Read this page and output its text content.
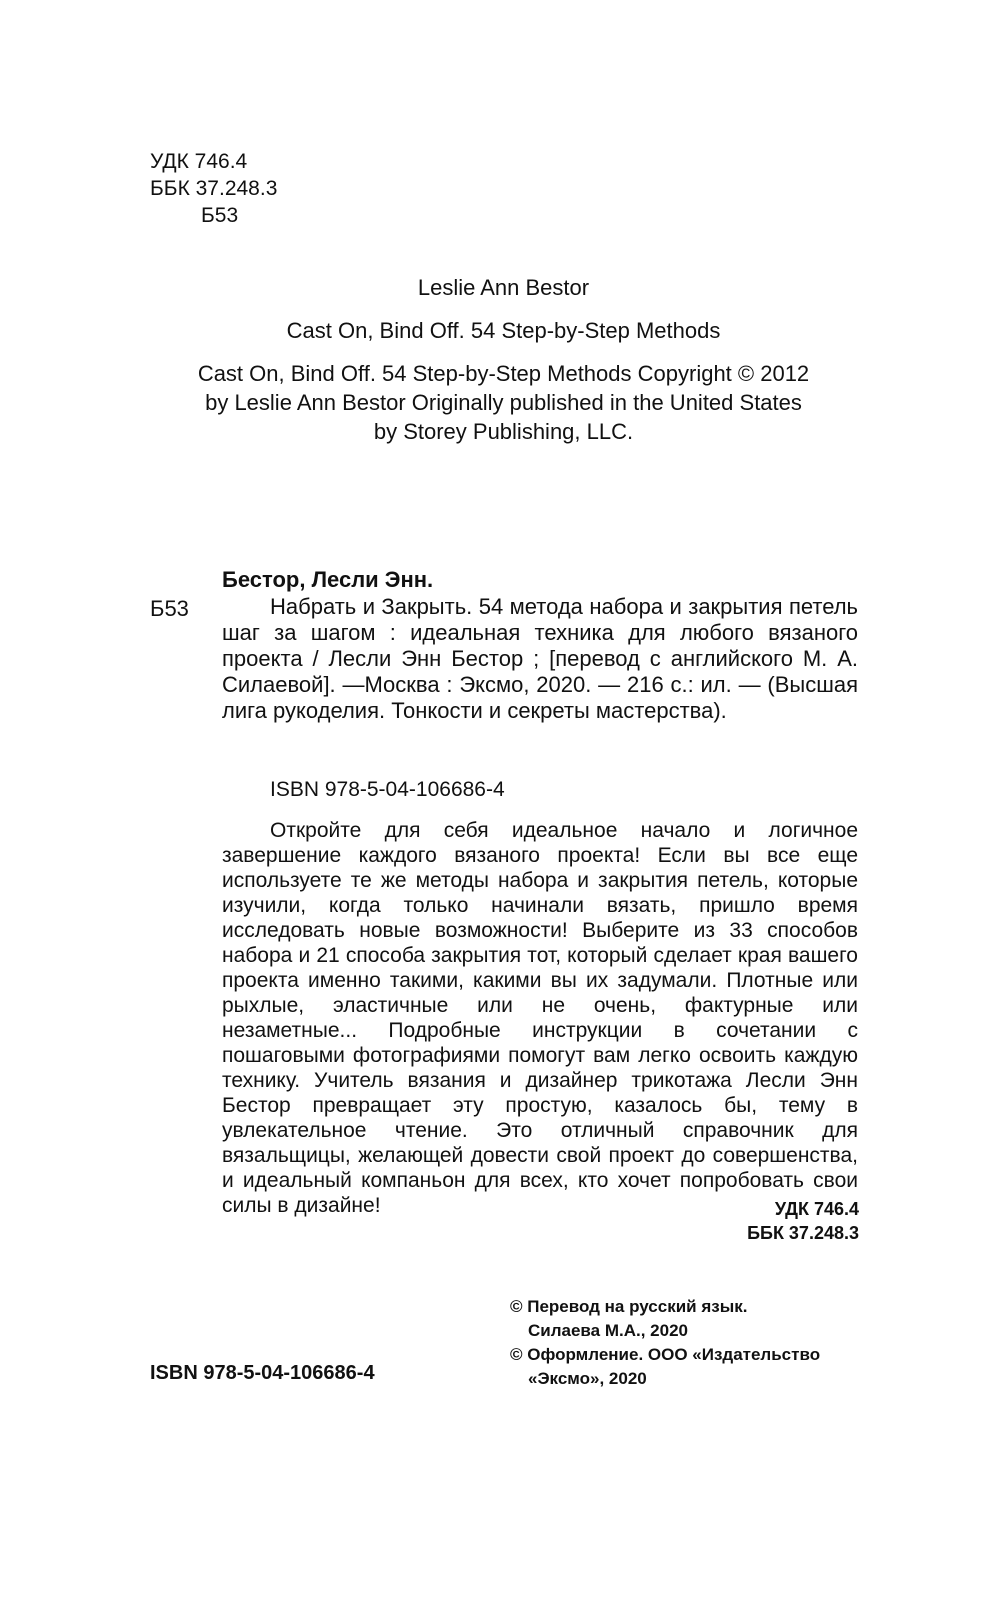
УДК 746.4
ББК 37.248.3
Б53
Leslie Ann Bestor
Cast On, Bind Off. 54 Step-by-Step Methods
Cast On, Bind Off. 54 Step-by-Step Methods Copyright © 2012
by Leslie Ann Bestor Originally published in the United States
by Storey Publishing, LLC.
Бестор, Лесли Энн.
Б53	Набрать и Закрыть. 54 метода набора и закрытия петель шаг за шагом : идеальная техника для любого вязаного проекта / Лесли Энн Бестор ; [перевод с английского М. А. Силаевой]. —Москва : Эксмо, 2020. — 216 с.: ил. — (Высшая лига рукоделия. Тонкости и секреты мастерства).

ISBN 978-5-04-106686-4

Откройте для себя идеальное начало и логичное завершение каждого вязаного проекта! Если вы все еще используете те же методы набора и закрытия петель, которые изучили, когда только начинали вязать, пришло время исследовать новые возможности! Выберите из 33 способов набора и 21 способа закрытия тот, который сделает края вашего проекта именно такими, какими вы их задумали. Плотные или рыхлые, эластичные или не очень, фактурные или незаметные... Подробные инструкции в сочетании с пошаговыми фотографиями помогут вам легко освоить каждую технику. Учитель вязания и дизайнер трикотажа Лесли Энн Бестор превращает эту простую, казалось бы, тему в увлекательное чтение. Это отличный справочник для вязальщицы, желающей довести свой проект до совершенства, и идеальный компаньон для всех, кто хочет попробовать свои силы в дизайне!	УДК 746.4
ББК 37.248.3
© Перевод на русский язык.
Силаева М.А., 2020
© Оформление. ООО «Издательство
«Эксмо», 2020
ISBN 978-5-04-106686-4
